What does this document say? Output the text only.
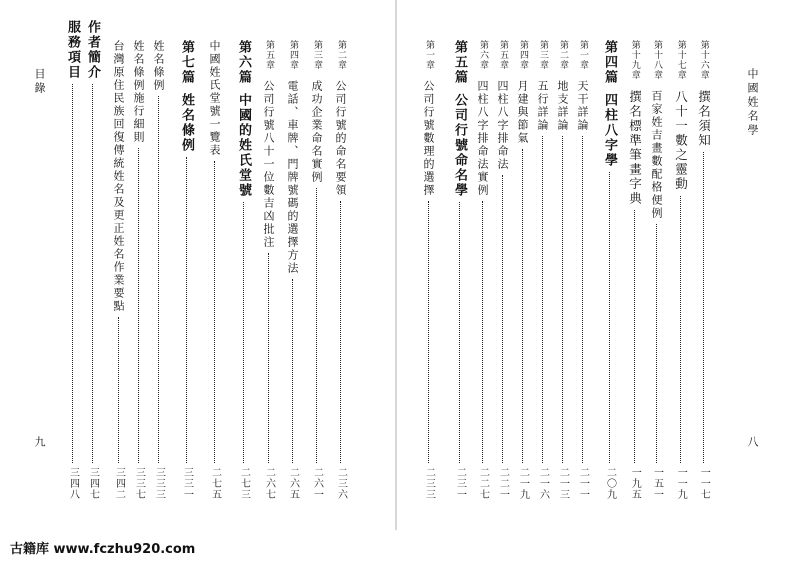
目錄
九
第二章
公司行號的命名要領
二三六
第三章
成功企業命名實例
二六一
第四章
電話、車牌、門牌號碼的選擇方法
二六五
第五章
公司行號八十一位數吉凶批注
二六七
第六篇
中國的姓氏堂號
二七三
中國姓氏堂號一覽表
二七五
第七篇
姓名條例
三三一
姓名條例
三三三
姓名條例施行細則
三三七
台灣原住民族回復傳統姓名及更正姓名作業要點
三四二
作者簡介
三四七
服務項目
三四八
中國姓名學
八
第十六章
撰名須知
一一七
第十七章
八十一數之靈動
一一九
第十八章
百家姓吉畫數配格便例
一五一
第十九章
撰名標準筆畫字典
一九五
第四篇
四柱八字學
二〇九
第一章
天干詳論
二一一
第二章
地支詳論
二一三
第三章
五行詳論
二一六
第四章
月建與節氣
二一九
第五章
四柱八字排命法
二二一
第六章
四柱八字排命法實例
二二七
第五篇
公司行號命名學
二三一
第一章
公司行號數理的選擇
二三三
古籍库 www.fczhu920.com
